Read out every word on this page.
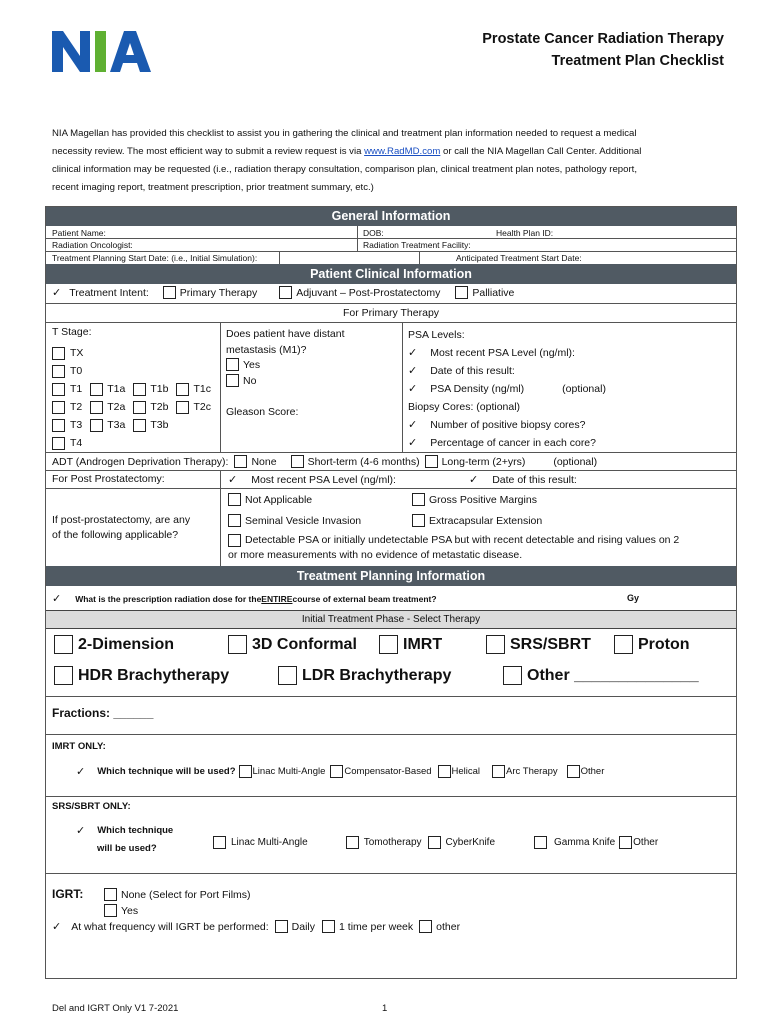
Prostate Cancer Radiation Therapy
Treatment Plan Checklist
NIA Magellan has provided this checklist to assist you in gathering the clinical and treatment plan information needed to request a medical
necessity review. The most efficient way to submit a review request is via www.RadMD.com or call the NIA Magellan Call Center. Additional
clinical information may be requested (i.e., radiation therapy consultation, comparison plan, clinical treatment plan notes, pathology report,
recent imaging report, treatment prescription, prior treatment summary, etc.)
General Information
Patient Name:	DOB:	Health Plan ID:
Radiation Oncologist:	Radiation Treatment Facility:
Treatment Planning Start Date: (i.e., Initial Simulation):	Anticipated Treatment Start Date:
Patient Clinical Information
✓ Treatment Intent:	Primary Therapy	Adjuvant – Post-Prostatectomy	Palliative
For Primary Therapy
T Stage:
TX
T0
T1 T1a T1b T1c
T2 T2a T2b T2c
T3 T3a T3b
T4
Does patient have distant
metastasis (M1)?
Yes
No
Gleason Score:
PSA Levels:
✓ Most recent PSA Level (ng/ml):
✓ Date of this result:
✓ PSA Density (ng/ml)	(optional)
Biopsy Cores: (optional)
✓ Number of positive biopsy cores?
✓ Percentage of cancer in each core?
ADT (Androgen Deprivation Therapy): None	Short-term (4-6 months) Long-term (2+yrs)	(optional)
For Post Prostatectomy:	✓ Most recent PSA Level (ng/ml):	✓ Date of this result:
If post-prostatectomy, are any
of the following applicable?
Not Applicable	Gross Positive Margins
Seminal Vesicle Invasion	Extracapsular Extension
Detectable PSA or initially undetectable PSA but with recent detectable and rising values on 2
or more measurements with no evidence of metastatic disease.
Treatment Planning Information
✓ What is the prescription radiation dose for the ENTIRE course of external beam treatment?	Gy
Initial Treatment Phase - Select Therapy
2-Dimension	3D Conformal	IMRT	SRS/SBRT	Proton
HDR Brachytherapy	LDR Brachytherapy	Other ______________
Fractions: ______
IMRT ONLY:
✓ Which technique will be used? Linac Multi-Angle Compensator-Based Helical	Arc Therapy Other
SRS/SBRT ONLY:
✓ Which technique
will be used?
Linac Multi-Angle	Tomotherapy CyberKnife	Gamma Knife Other
IGRT:	None (Select for Port Films)
Yes
✓ At what frequency will IGRT be performed: Daily 1 time per week other
Del and IGRT Only V1 7-2021	1
